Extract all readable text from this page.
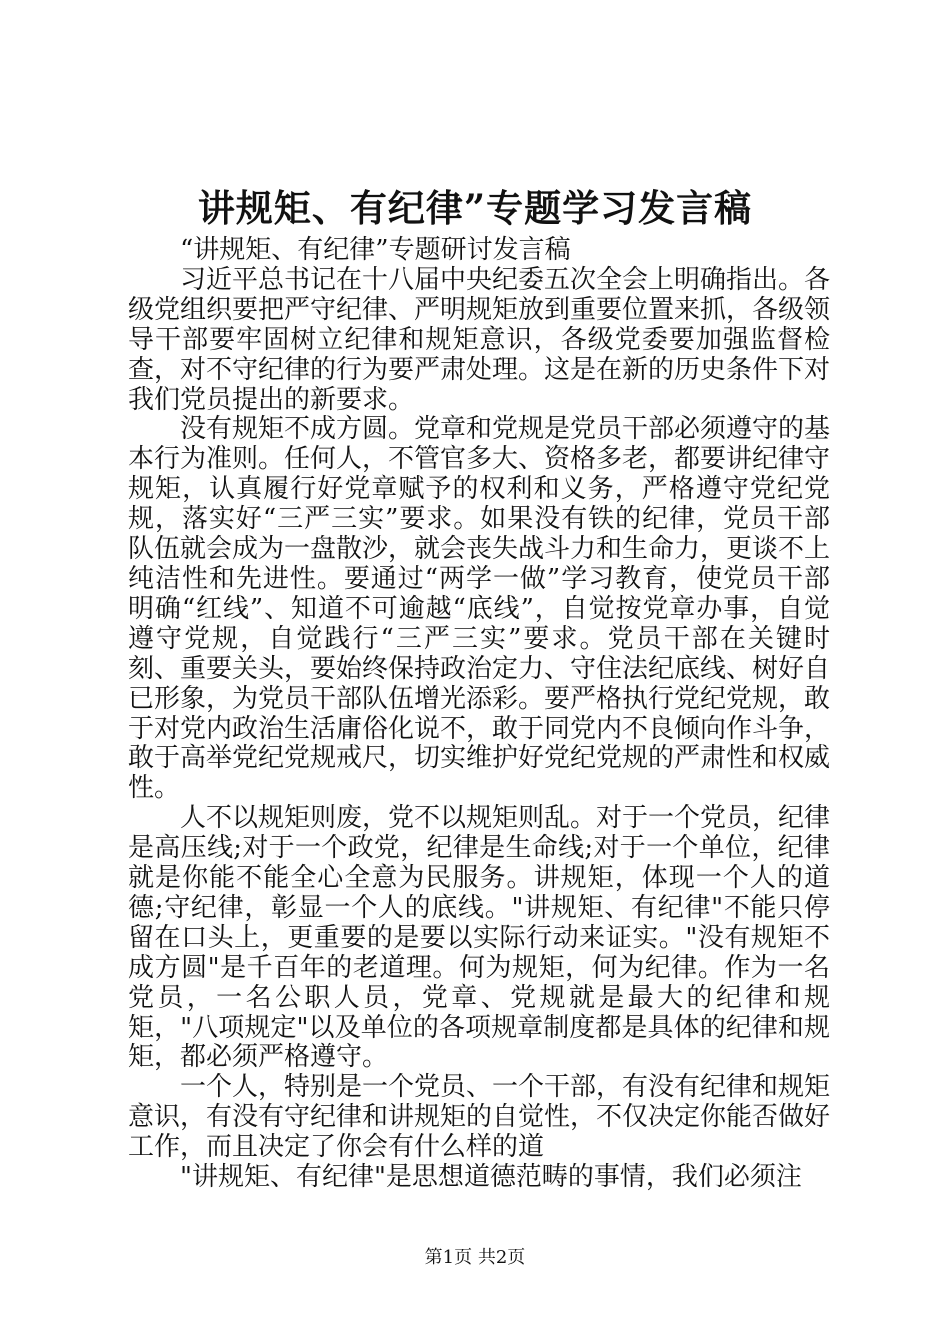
讲规矩、有纪律”专题学习发言稿

“讲规矩、有纪律”专题研讨发言稿

习近平总书记在十八届中央纪委五次全会上明确指出。各级党组织要把严守纪律、严明规矩放到重要位置来抓，各级领导干部要牢固树立纪律和规矩意识，各级党委要加强监督检查，对不守纪律的行为要严肃处理。这是在新的历史条件下对我们党员提出的新要求。

没有规矩不成方圆。党章和党规是党员干部必须遵守的基本行为准则。任何人，不管官多大、资格多老，都要讲纪律守规矩，认真履行好党章赋予的权利和义务，严格遵守党纪党规，落实好“三严三实”要求。如果没有铁的纪律，党员干部队伍就会成为一盘散沙，就会丧失战斗力和生命力，更谈不上纯洁性和先进性。要通过“两学一做”学习教育，使党员干部明确“红线”、知道不可逾越“底线”，自觉按党章办事，自觉遵守党规，自觉践行“三严三实”要求。党员干部在关键时刻、重要关头，要始终保持政治定力、守住法纪底线、树好自已形象，为党员干部队伍增光添彩。要严格执行党纪党规，敢于对党内政治生活庸俗化说不，敢于同党内不良倾向作斗争，敢于高举党纪党规戒尺，切实维护好党纪党规的严肃性和权威性。

人不以规矩则废，党不以规矩则乱。对于一个党员，纪律是高压线;对于一个政党，纪律是生命线;对于一个单位，纪律就是你能不能全心全意为民服务。讲规矩，体现一个人的道德;守纪律，彰显一个人的底线。"讲规矩、有纪律"不能只停留在口头上，更重要的是要以实际行动来证实。"没有规矩不成方圆"是千百年的老道理。何为规矩，何为纪律。作为一名党员，一名公职人员，党章、党规就是最大的纪律和规矩，"八项规定"以及单位的各项规章制度都是具体的纪律和规矩，都必须严格遵守。

一个人，特别是一个党员、一个干部，有没有纪律和规矩意识，有没有守纪律和讲规矩的自觉性，不仅决定你能否做好工作，而且决定了你会有什么样的道

"讲规矩、有纪律"是思想道德范畴的事情，我们必须注

第1页 共2页
